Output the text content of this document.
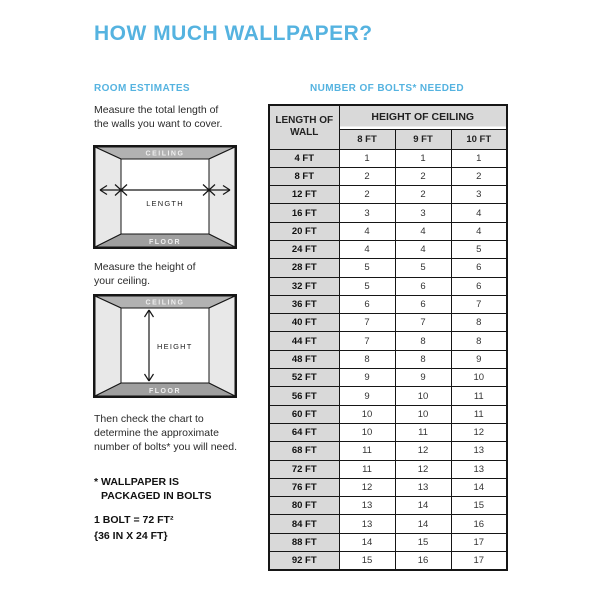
HOW MUCH WALLPAPER?
ROOM ESTIMATES	NUMBER OF BOLTS* NEEDED
Measure the total length of
the walls you want to cover.
CEILING
FLOOR
LENGTH
Measure the height of
your ceiling.
CEILING
FLOOR
HEIGHT
Then check the chart to
determine the approximate
number of bolts* you will need.
* WALLPAPER IS
PACKAGED IN BOLTS
1 BOLT = 72 FT²
{36 IN X 24 FT}
LENGTH OF WALL	HEIGHT OF CEILING		
	8 FT	9 FT	10 FT
4 FT	1	1	1
8 FT	2	2	2
12 FT	2	2	3
16 FT	3	3	4
20 FT	4	4	4
24 FT	4	4	5
28 FT	5	5	6
32 FT	5	6	6
36 FT	6	6	7
40 FT	7	7	8
44 FT	7	8	8
48 FT	8	8	9
52 FT	9	9	10
56 FT	9	10	11
60 FT	10	10	11
64 FT	10	11	12
68 FT	11	12	13
72 FT	11	12	13
76 FT	12	13	14
80 FT	13	14	15
84 FT	13	14	16
88 FT	14	15	17
92 FT	15	16	17
